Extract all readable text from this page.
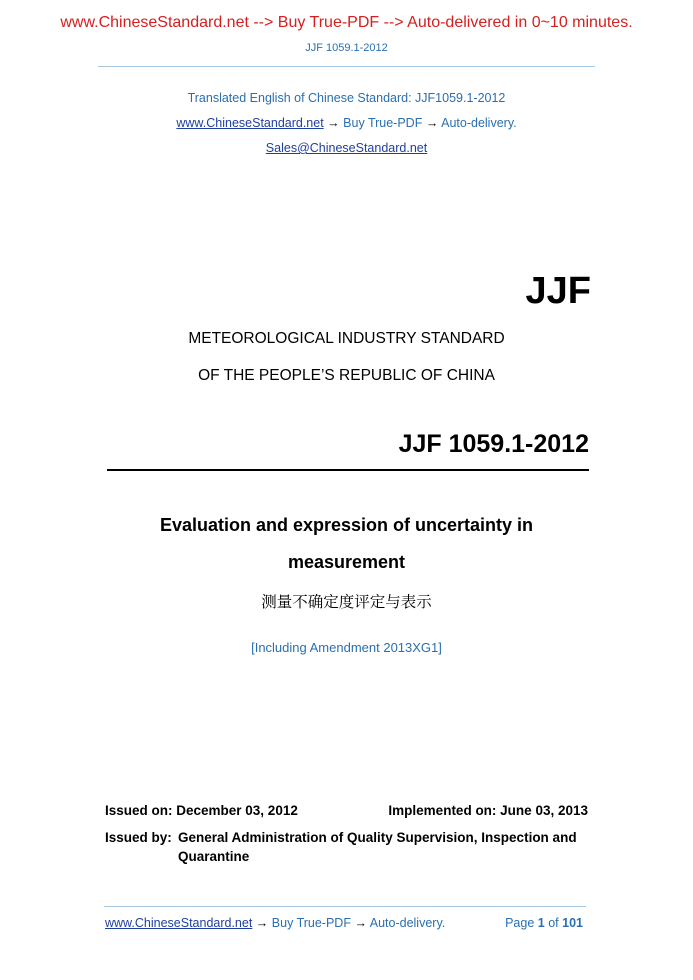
www.ChineseStandard.net --> Buy True-PDF --> Auto-delivered in 0~10 minutes.
JJF 1059.1-2012
Translated English of Chinese Standard: JJF1059.1-2012
www.ChineseStandard.net → Buy True-PDF → Auto-delivery.
Sales@ChineseStandard.net
JJF
METEOROLOGICAL INDUSTRY STANDARD
OF THE PEOPLE’S REPUBLIC OF CHINA
JJF 1059.1-2012
Evaluation and expression of uncertainty in
measurement
测量不确定度评定与表示
[Including Amendment 2013XG1]
Issued on: December 03, 2012	Implemented on: June 03, 2013
Issued by: General Administration of Quality Supervision, Inspection and
Quarantine
www.ChineseStandard.net → Buy True-PDF → Auto-delivery.	Page 1 of 101
